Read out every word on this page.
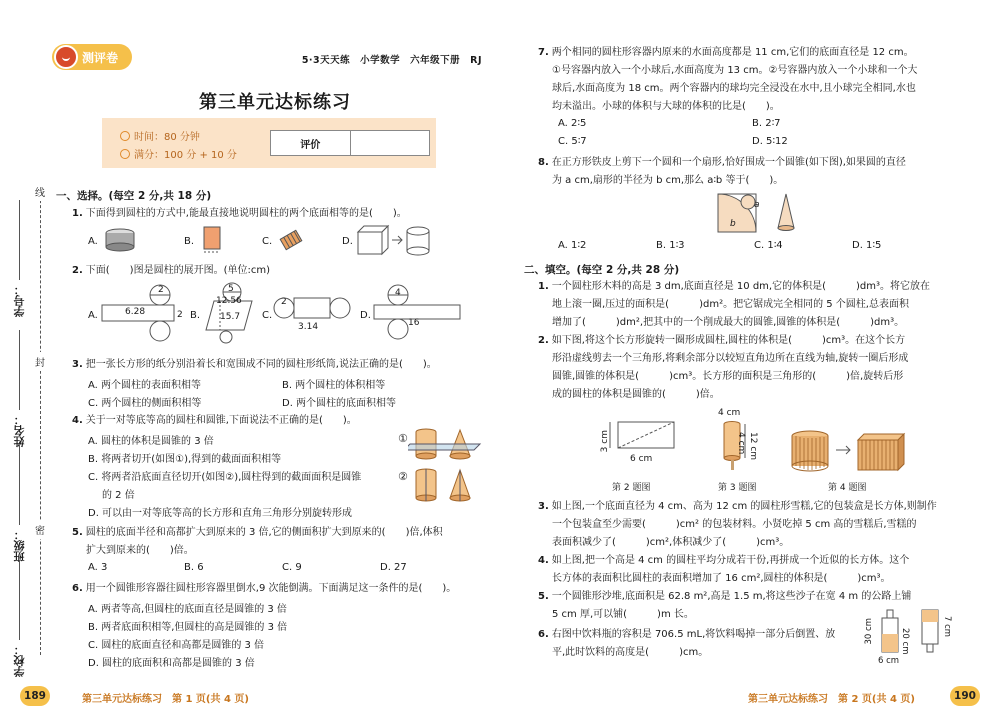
学号：
姓名：
班级：
学校：
线
封
密
测评卷	5·3天天练　小学数学　六年级下册　RJ
第三单元达标练习
时间：80 分钟
满分：100 分 + 10 分
评价
一、选择。(每空 2 分,共 18 分)
1. 下面得到圆柱的方式中,能最直接地说明圆柱的两个底面相等的是(　　)。
A.	B.	C.	D.
2. 下面(　　)图是圆柱的展开图。(单位:cm)
A.	6.28	2
2
B.
12.56
15.7
5
C.
3.14
2
D.
16
4
3. 把一张长方形的纸分别沿着长和宽围成不同的圆柱形纸筒,说法正确的是(　　)。
A. 两个圆柱的表面积相等	B. 两个圆柱的体积相等
C. 两个圆柱的侧面积相等	D. 两个圆柱的底面积相等
4. 关于一对等底等高的圆柱和圆锥,下面说法不正确的是(　　)。
A. 圆柱的体积是圆锥的 3 倍
B. 将两者切开(如图①),得到的截面面积相等
C. 将两者沿底面直径切开(如图②),圆柱得到的截面面积是圆锥
的 2 倍
D. 可以由一对等底等高的长方形和直角三角形分别旋转形成
①
②
5. 圆柱的底面半径和高都扩大到原来的 3 倍,它的侧面积扩大到原来的(　　)倍,体积
扩大到原来的(　　)倍。
A. 3	B. 6	C. 9	D. 27
6. 用一个圆锥形容器往圆柱形容器里倒水,9 次能倒满。下面满足这一条件的是(　　)。
A. 两者等高,但圆柱的底面直径是圆锥的 3 倍
B. 两者底面积相等,但圆柱的高是圆锥的 3 倍
C. 圆柱的底面直径和高都是圆锥的 3 倍
D. 圆柱的底面积和高都是圆锥的 3 倍
189	第三单元达标练习　第 1 页(共 4 页)
7. 两个相同的圆柱形容器内原来的水面高度都是 11 cm,它们的底面直径是 12 cm。
①号容器内放入一个小球后,水面高度为 13 cm。②号容器内放入一个小球和一个大
球后,水面高度为 18 cm。两个容器内的球均完全浸没在水中,且小球完全相同,水也
均未溢出。小球的体积与大球的体积的比是(　　)。
A. 2∶5	B. 2∶7
C. 5∶7	D. 5∶12
8. 在正方形铁皮上剪下一个圆和一个扇形,恰好围成一个圆锥(如下图),如果圆的直径
为 a cm,扇形的半径为 b cm,那么 a∶b 等于(　　)。
a
b
A. 1∶2	B. 1∶3	C. 1∶4	D. 1∶5
二、填空。(每空 2 分,共 28 分)
1. 一个圆柱形木料的高是 3 dm,底面直径是 10 dm,它的体积是(　　　)dm³。将它放在
地上滚一圈,压过的面积是(　　　)dm²。把它锯成完全相同的 5 个圆柱,总表面积
增加了(　　　)dm²,把其中的一个削成最大的圆锥,圆锥的体积是(　　　)dm³。
2. 如下图,将这个长方形旋转一圈形成圆柱,圆柱的体积是(　　　)cm³。在这个长方
形沿虚线剪去一个三角形,将剩余部分以较短直角边所在直线为轴,旋转一圈后形成
圆锥,圆锥的体积是(　　　)cm³。长方形的面积是三角形的(　　　)倍,旋转后形
成的圆柱的体积是圆锥的(　　　)倍。
3 cm
6 cm
第 2 题图
4 cm
12 cm
4 cm
第 3 题图	第 4 题图
3. 如上图,一个底面直径为 4 cm、高为 12 cm 的圆柱形雪糕,它的包装盒是长方体,则制作
一个包装盒至少需要(　　　)cm² 的包装材料。小贤吃掉 5 cm 高的雪糕后,雪糕的
表面积减少了(　　　)cm²,体积减少了(　　　)cm³。
4. 如上图,把一个高是 4 cm 的圆柱平均分成若干份,再拼成一个近似的长方体。这个
长方体的表面积比圆柱的表面积增加了 16 cm²,圆柱的体积是(　　　)cm³。
5. 一个圆锥形沙堆,底面积是 62.8 m²,高是 1.5 m,将这些沙子在宽 4 m 的公路上铺
5 cm 厚,可以铺(　　　)m 长。
6. 右图中饮料瓶的容积是 706.5 mL,将饮料喝掉一部分后倒置、放
平,此时饮料的高度是(　　　)cm。
30 cm	20 cm
6 cm
7 cm
第三单元达标练习　第 2 页(共 4 页)	190
